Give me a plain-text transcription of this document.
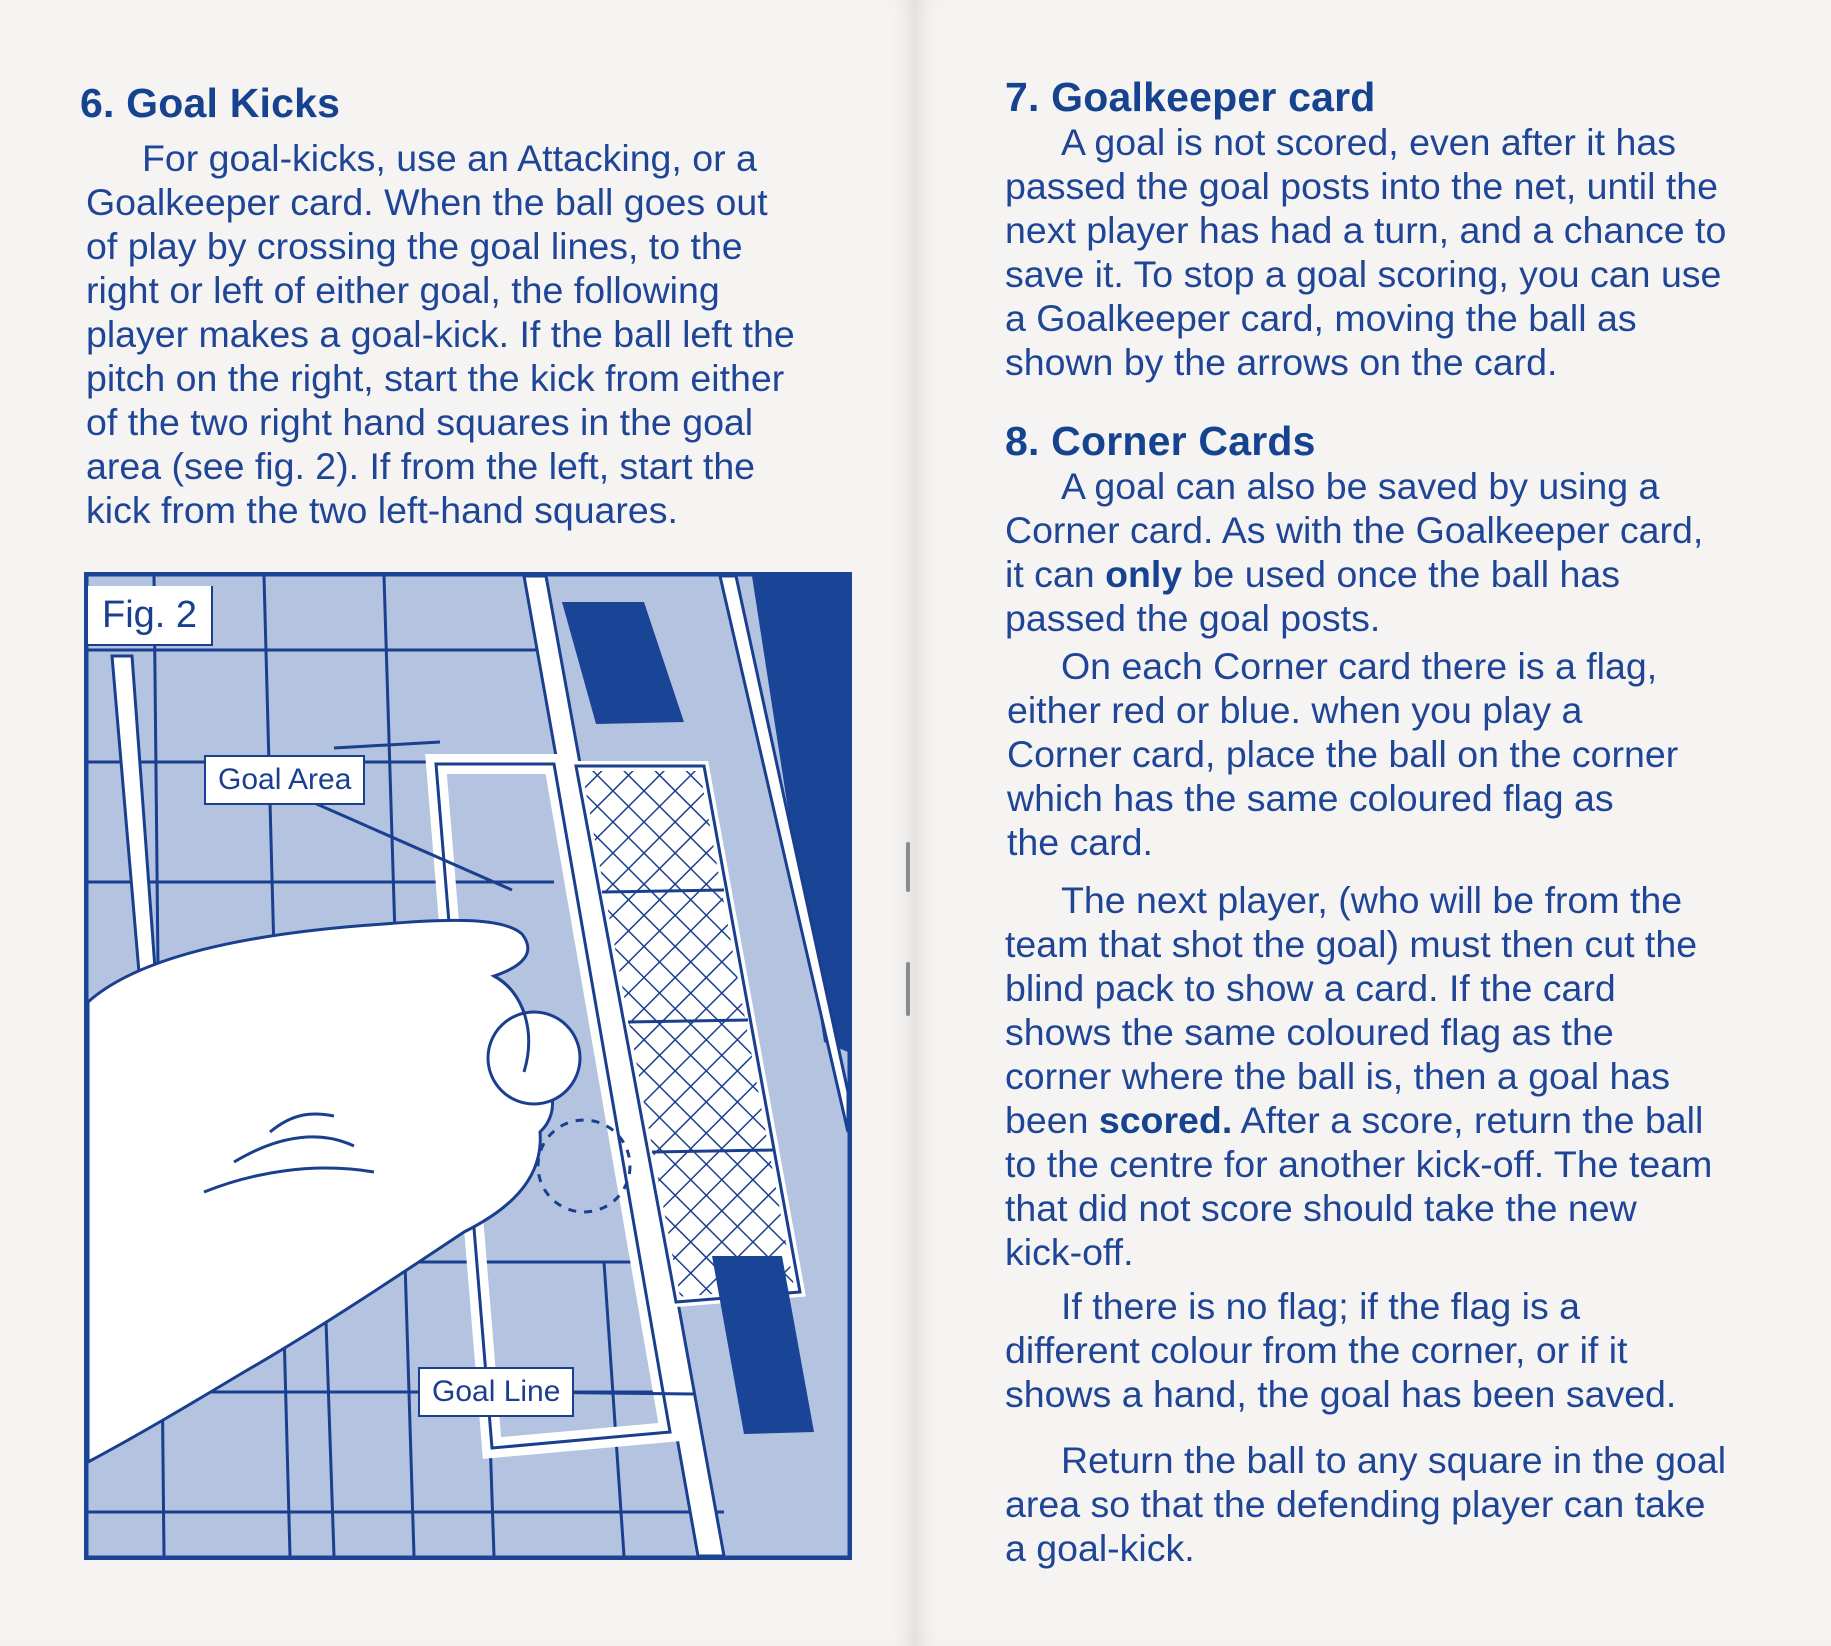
6. Goal Kicks

For goal-kicks, use an Attacking, or a
Goalkeeper card. When the ball goes out
of play by crossing the goal lines, to the
right or left of either goal, the following
player makes a goal-kick. If the ball left the
pitch on the right, start the kick from either
of the two right hand squares in the goal
area (see fig. 2). If from the left, start the
kick from the two left-hand squares.

Fig. 2
Goal Area
Goal Line
7. Goalkeeper card

A goal is not scored, even after it has
passed the goal posts into the net, until the
next player has had a turn, and a chance to
save it. To stop a goal scoring, you can use
a Goalkeeper card, moving the ball as
shown by the arrows on the card.

8. Corner Cards

A goal can also be saved by using a
Corner card. As with the Goalkeeper card,
it can only be used once the ball has
passed the goal posts.

On each Corner card there is a flag,
either red or blue. when you play a
Corner card, place the ball on the corner
which has the same coloured flag as
the card.

The next player, (who will be from the
team that shot the goal) must then cut the
blind pack to show a card. If the card
shows the same coloured flag as the
corner where the ball is, then a goal has
been scored. After a score, return the ball
to the centre for another kick-off. The team
that did not score should take the new
kick-off.

If there is no flag; if the flag is a
different colour from the corner, or if it
shows a hand, the goal has been saved.

Return the ball to any square in the goal
area so that the defending player can take
a goal-kick.
